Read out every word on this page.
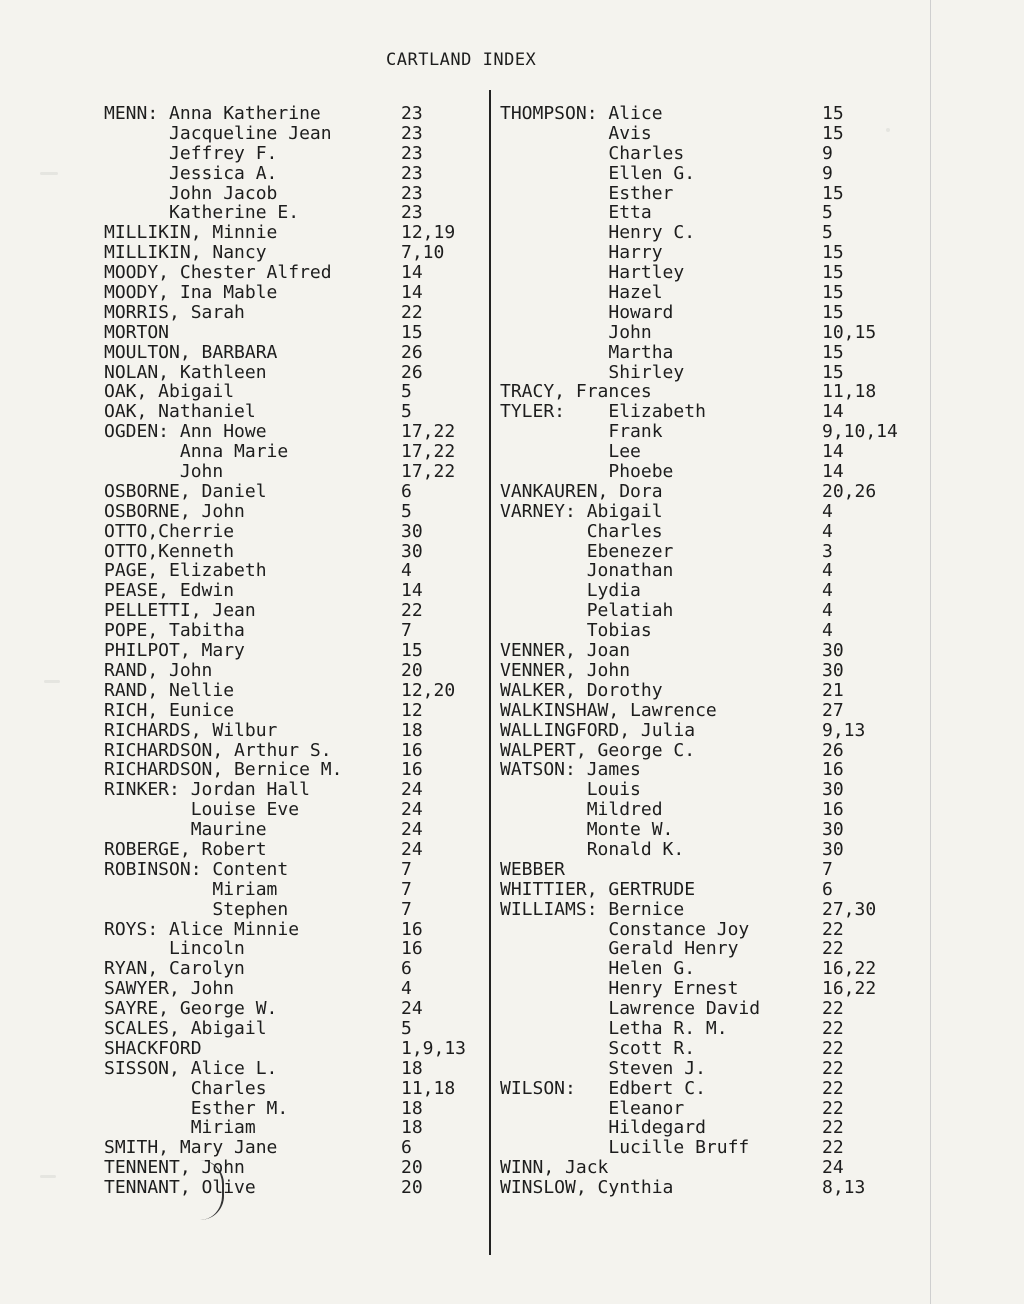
CARTLAND INDEX
MENN: Anna Katherine	23
Jacqueline Jean	23
Jeffrey F.	23
Jessica A.	23
John Jacob	23
Katherine E.	23
MILLIKIN, Minnie	12,19
MILLIKIN, Nancy	7,10
MOODY, Chester Alfred	14
MOODY, Ina Mable	14
MORRIS, Sarah	22
MORTON	15
MOULTON, BARBARA	26
NOLAN, Kathleen	26
OAK, Abigail	5
OAK, Nathaniel	5
OGDEN: Ann Howe	17,22
Anna Marie	17,22
John	17,22
OSBORNE, Daniel	6
OSBORNE, John	5
OTTO,Cherrie	30
OTTO,Kenneth	30
PAGE, Elizabeth	4
PEASE, Edwin	14
PELLETTI, Jean	22
POPE, Tabitha	7
PHILPOT, Mary	15
RAND, John	20
RAND, Nellie	12,20
RICH, Eunice	12
RICHARDS, Wilbur	18
RICHARDSON, Arthur S.	16
RICHARDSON, Bernice M.	16
RINKER: Jordan Hall	24
Louise Eve	24
Maurine	24
ROBERGE, Robert	24
ROBINSON: Content	7
Miriam	7
Stephen	7
ROYS: Alice Minnie	16
Lincoln	16
RYAN, Carolyn	6
SAWYER, John	4
SAYRE, George W.	24
SCALES, Abigail	5
SHACKFORD	1,9,13
SISSON, Alice L.	18
Charles	11,18
Esther M.	18
Miriam	18
SMITH, Mary Jane	6
TENNENT, John	20
TENNANT, Olive	20
THOMPSON: Alice	15
Avis	15
Charles	9
Ellen G.	9
Esther	15
Etta	5
Henry C.	5
Harry	15
Hartley	15
Hazel	15
Howard	15
John	10,15
Martha	15
Shirley	15
TRACY, Frances	11,18
TYLER:    Elizabeth	14
Frank	9,10,14
Lee	14
Phoebe	14
VANKAUREN, Dora	20,26
VARNEY: Abigail	4
Charles	4
Ebenezer	3
Jonathan	4
Lydia	4
Pelatiah	4
Tobias	4
VENNER, Joan	30
VENNER, John	30
WALKER, Dorothy	21
WALKINSHAW, Lawrence	27
WALLINGFORD, Julia	9,13
WALPERT, George C.	26
WATSON: James	16
Louis	30
Mildred	16
Monte W.	30
Ronald K.	30
WEBBER	7
WHITTIER, GERTRUDE	6
WILLIAMS: Bernice	27,30
Constance Joy	22
Gerald Henry	22
Helen G.	16,22
Henry Ernest	16,22
Lawrence David	22
Letha R. M.	22
Scott R.	22
Steven J.	22
WILSON:   Edbert C.	22
Eleanor	22
Hildegard	22
Lucille Bruff	22
WINN, Jack	24
WINSLOW, Cynthia	8,13
